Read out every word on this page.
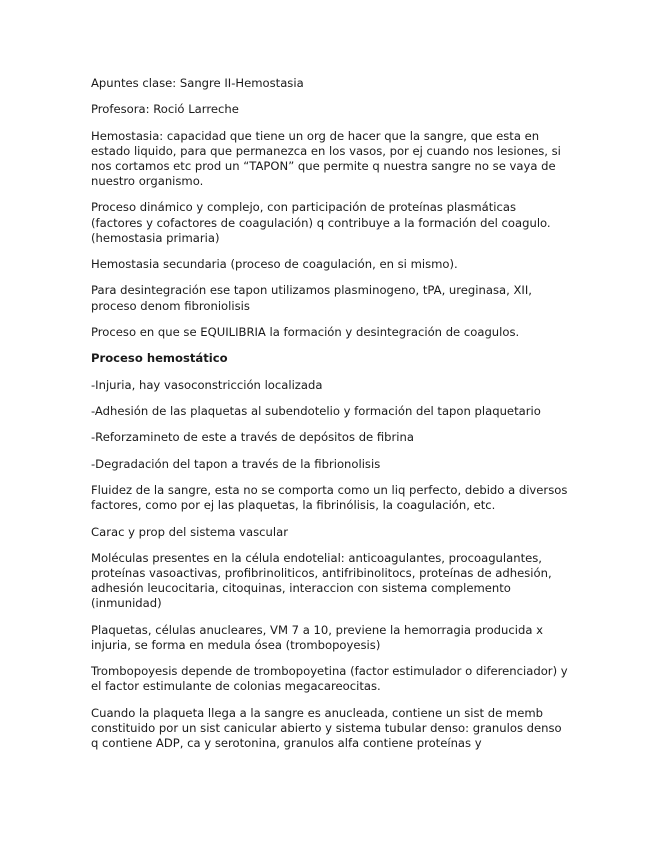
Apuntes clase: Sangre II-Hemostasia

Profesora: Roció Larreche

Hemostasia: capacidad que tiene un org de hacer que la sangre, que esta en estado liquido, para que permanezca en los vasos, por ej cuando nos lesiones, si nos cortamos etc prod un “TAPON” que permite q nuestra sangre no se vaya de nuestro organismo.

Proceso dinámico y complejo, con participación de proteínas plasmáticas (factores y cofactores de coagulación) q contribuye a la formación del coagulo. (hemostasia primaria)

Hemostasia secundaria (proceso de coagulación, en si mismo).

Para desintegración ese tapon utilizamos plasminogeno, tPA, ureginasa, XII, proceso denom fibroniolisis

Proceso en que se EQUILIBRIA la formación y desintegración de coagulos.

Proceso hemostático

-Injuria, hay vasoconstricción localizada

-Adhesión de las plaquetas al subendotelio y formación del tapon plaquetario

-Reforzamineto de este a través de depósitos de fibrina

-Degradación del tapon a través de la fibrionolisis

Fluidez de la sangre, esta no se comporta como un liq perfecto, debido a diversos factores, como por ej las plaquetas, la fibrinólisis, la coagulación, etc.

Carac y prop del sistema vascular

Moléculas presentes en la célula endotelial: anticoagulantes, procoagulantes, proteínas vasoactivas, profibrinoliticos, antifribinolitocs, proteínas de adhesión, adhesión leucocitaria, citoquinas, interaccion con sistema complemento (inmunidad)

Plaquetas, células anucleares, VM 7 a 10, previene la hemorragia producida x injuria, se forma en medula ósea (trombopoyesis)

Trombopoyesis depende de trombopoyetina (factor estimulador o diferenciador) y el factor estimulante de colonias megacareocitas.

Cuando la plaqueta llega a la sangre es anucleada, contiene un sist de memb constituido por un sist canicular abierto y sistema tubular denso: granulos denso q contiene ADP, ca y serotonina, granulos alfa contiene proteínas y
